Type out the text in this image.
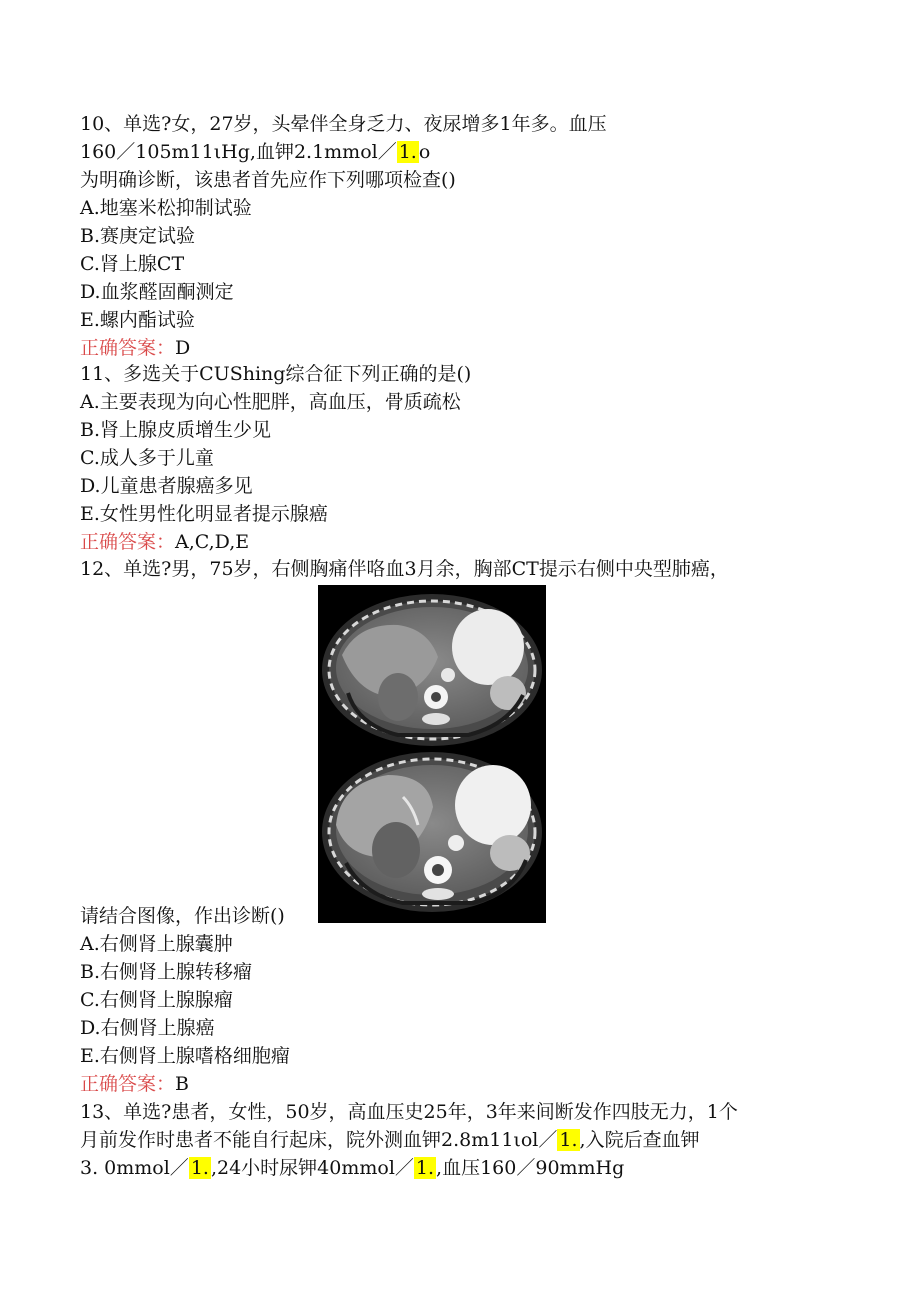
10、单选?女，27岁，头晕伴全身乏力、夜尿增多1年多。血压
160／105m11ιHg,血钾2.1mmol／ 1. o
为明确诊断，该患者首先应作下列哪项检查()
A.地塞米松抑制试验
B.赛庚定试验
C.肾上腺CT
D.血浆醛固酮测定
E.螺内酯试验
正确答案：D
11、多选关于CUShing综合征下列正确的是()
A.主要表现为向心性肥胖，高血压，骨质疏松
B.肾上腺皮质增生少见
C.成人多于儿童
D.儿童患者腺癌多见
E.女性男性化明显者提示腺癌
正确答案：A,C,D,E
12、单选?男，75岁，右侧胸痛伴咯血3月余，胸部CT提示右侧中央型肺癌，
请结合图像，作出诊断()
A.右侧肾上腺囊肿
B.右侧肾上腺转移瘤
C.右侧肾上腺腺瘤
D.右侧肾上腺癌
E.右侧肾上腺嗜格细胞瘤
正确答案：B
13、单选?患者，女性，50岁，高血压史25年，3年来间断发作四肢无力，1个
月前发作时患者不能自行起床，院外测血钾2.8m11ιol／ 1. ,入院后查血钾
3. 0mmol／ 1. ,24小时尿钾40mmol／ 1. ,血压160／90mmHg
